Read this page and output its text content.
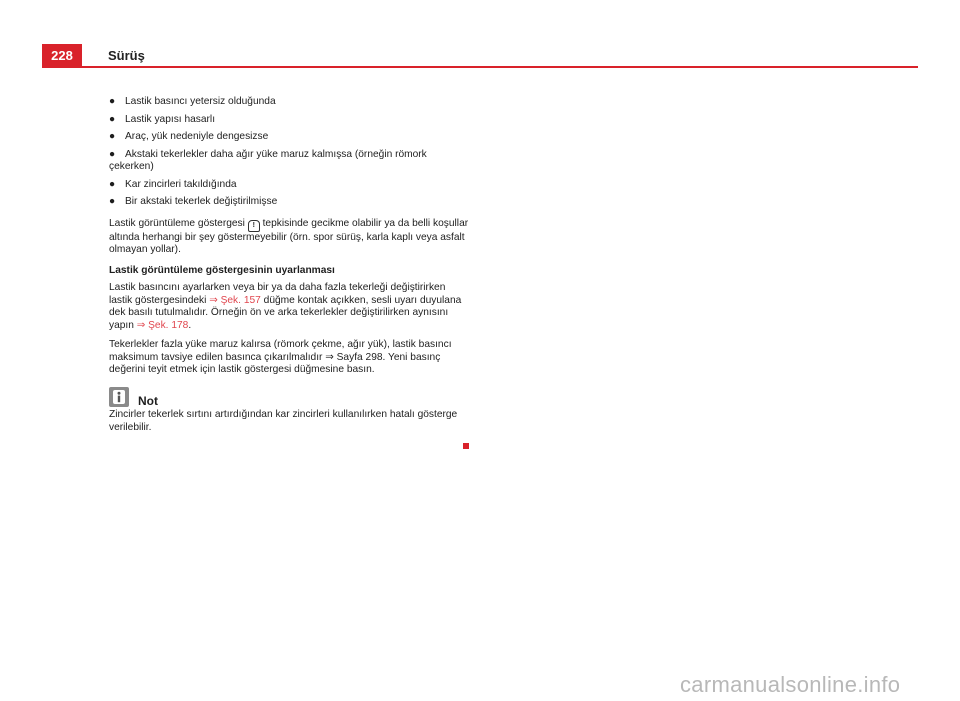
228	Sürüş
● Lastik basıncı yetersiz olduğunda
● Lastik yapısı hasarlı
● Araç, yük nedeniyle dengesizse
● Akstaki tekerlekler daha ağır yüke maruz kalmışsa (örneğin römork çekerken)
● Kar zincirleri takıldığında
● Bir akstaki tekerlek değiştirilmişse

Lastik görüntüleme göstergesi ! tepkisinde gecikme olabilir ya da belli koşullar altında herhangi bir şey göstermeyebilir (örn. spor sürüş, karla kaplı veya asfalt olmayan yollar).

Lastik görüntüleme göstergesinin uyarlanması

Lastik basıncını ayarlarken veya bir ya da daha fazla tekerleği değiştirirken lastik göstergesindeki ⇒ Şek. 157 düğme kontak açıkken, sesli uyarı duyulana dek basılı tutulmalıdır. Örneğin ön ve arka tekerlekler değiştirilirken aynısını yapın ⇒ Şek. 178.

Tekerlekler fazla yüke maruz kalırsa (römork çekme, ağır yük), lastik basıncı maksimum tavsiye edilen basınca çıkarılmalıdır ⇒ Sayfa 298. Yeni basınç değerini teyit etmek için lastik göstergesi düğmesine basın.

Not

Zincirler tekerlek sırtını artırdığından kar zincirleri kullanılırken hatalı gösterge verilebilir.

carmanualsonline.info
